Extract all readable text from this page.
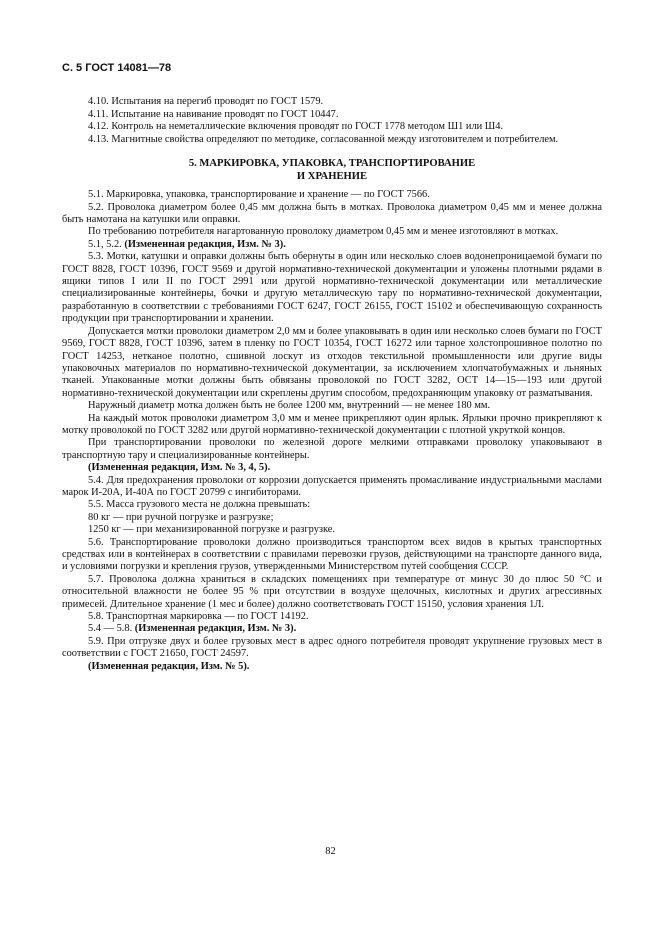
С. 5 ГОСТ 14081—78

4.10. Испытания на перегиб проводят по ГОСТ 1579.

4.11. Испытание на навивание проводят по ГОСТ 10447.

4.12. Контроль на неметаллические включения проводят по ГОСТ 1778 методом Ш1 или Ш4.

4.13. Магнитные свойства определяют по методике, согласованной между изготовителем и потребителем.

5. МАРКИРОВКА, УПАКОВКА, ТРАНСПОРТИРОВАНИЕ
И ХРАНЕНИЕ

5.1. Маркировка, упаковка, транспортирование и хранение — по ГОСТ 7566.

5.2. Проволока диаметром более 0,45 мм должна быть в мотках. Проволока диаметром 0,45 мм и менее должна быть намотана на катушки или оправки.

По требованию потребителя нагартованную проволоку диаметром 0,45 мм и менее изготовляют в мотках.

5.1, 5.2. (Измененная редакция, Изм. № 3).

5.3. Мотки, катушки и оправки должны быть обернуты в один или несколько слоев водонепроницаемой бумаги по ГОСТ 8828, ГОСТ 10396, ГОСТ 9569 и другой нормативно-технической документации и уложены плотными рядами в ящики типов I или II по ГОСТ 2991 или другой нормативно-технической документации или металлические специализированные контейнеры, бочки и другую металлическую тару по нормативно-технической документации, разработанную в соответствии с требованиями ГОСТ 6247, ГОСТ 26155, ГОСТ 15102 и обеспечивающую сохранность продукции при транспортировании и хранении.

Допускается мотки проволоки диаметром 2,0 мм и более упаковывать в один или несколько слоев бумаги по ГОСТ 9569, ГОСТ 8828, ГОСТ 10396, затем в пленку по ГОСТ 10354, ГОСТ 16272 или тарное холстопрошивное полотно по ГОСТ 14253, нетканое полотно, сшивной лоскут из отходов текстильной промышленности или другие виды упаковочных материалов по нормативно-технической документации, за исключением хлопчатобумажных и льняных тканей. Упакованные мотки должны быть обвязаны проволокой по ГОСТ 3282, ОСТ 14—15—193 или другой нормативно-технической документации или скреплены другим способом, предохраняющим упаковку от разматывания.

Наружный диаметр мотка должен быть не более 1200 мм, внутренний — не менее 180 мм.

На каждый моток проволоки диаметром 3,0 мм и менее прикрепляют один ярлык. Ярлыки прочно прикрепляют к мотку проволокой по ГОСТ 3282 или другой нормативно-технической документации с плотной укруткой концов.

При транспортировании проволоки по железной дороге мелкими отправками проволоку упаковывают в транспортную тару и специализированные контейнеры.

(Измененная редакция, Изм. № 3, 4, 5).

5.4. Для предохранения проволоки от коррозии допускается применять промасливание индустриальными маслами марок И-20А, И-40А по ГОСТ 20799 с ингибиторами.

5.5. Масса грузового места не должна превышать:

80 кг — при ручной погрузке и разгрузке;

1250 кг — при механизированной погрузке и разгрузке.

5.6. Транспортирование проволоки должно производиться транспортом всех видов в крытых транспортных средствах или в контейнерах в соответствии с правилами перевозки грузов, действующими на транспорте данного вида, и условиями погрузки и крепления грузов, утвержденными Министерством путей сообщения СССР.

5.7. Проволока должна храниться в складских помещениях при температуре от минус 30 до плюс 50 °С и относительной влажности не более 95 % при отсутствии в воздухе щелочных, кислотных и других агрессивных примесей. Длительное хранение (1 мес и более) должно соответствовать ГОСТ 15150, условия хранения 1Л.

5.8. Транспортная маркировка — по ГОСТ 14192.

5.4 — 5.8. (Измененная редакция, Изм. № 3).

5.9. При отгрузке двух и более грузовых мест в адрес одного потребителя проводят укрупнение грузовых мест в соответствии с ГОСТ 21650, ГОСТ 24597.

(Измененная редакция, Изм. № 5).

82
